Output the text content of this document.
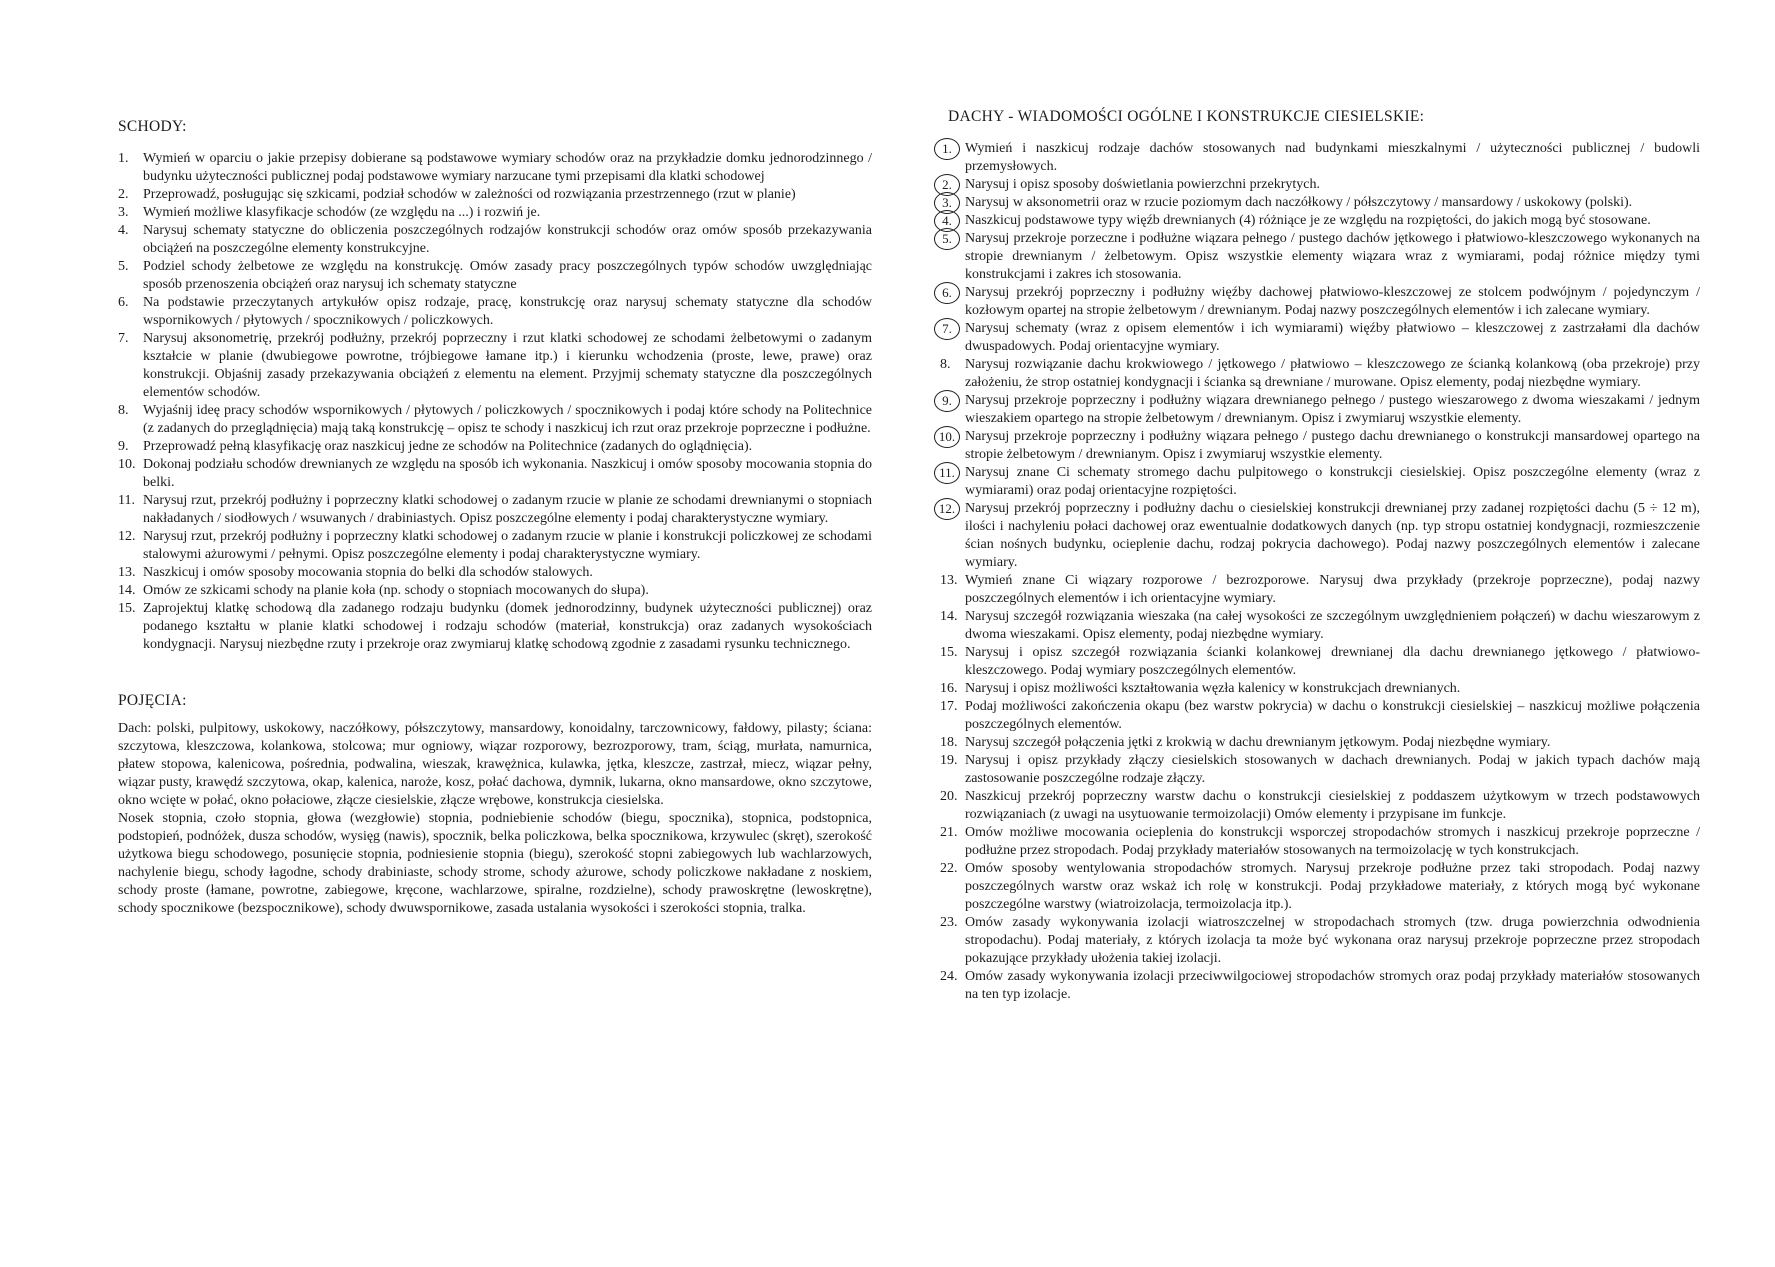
SCHODY:
1. Wymień w oparciu o jakie przepisy dobierane są podstawowe wymiary schodów oraz na przykładzie domku jednorodzinnego / budynku użyteczności publicznej podaj podstawowe wymiary narzucane tymi przepisami dla klatki schodowej
2. Przeprowadź, posługując się szkicami, podział schodów w zależności od rozwiązania przestrzennego (rzut w planie)
3. Wymień możliwe klasyfikacje schodów (ze względu na ...) i rozwiń je.
4. Narysuj schematy statyczne do obliczenia poszczególnych rodzajów konstrukcji schodów oraz omów sposób przekazywania obciążeń na poszczególne elementy konstrukcyjne.
5. Podziel schody żelbetowe ze względu na konstrukcję. Omów zasady pracy poszczególnych typów schodów uwzględniając sposób przenoszenia obciążeń oraz narysuj ich schematy statyczne
6. Na podstawie przeczytanych artykułów opisz rodzaje, pracę, konstrukcję oraz narysuj schematy statyczne dla schodów wspornikowych / płytowych / spocznikowych / policzkowych.
7. Narysuj aksonometrię, przekrój podłużny, przekrój poprzeczny i rzut klatki schodowej ze schodami żelbetowymi o zadanym kształcie w planie (dwubiegowe powrotne, trójbiegowe łamane itp.) i kierunku wchodzenia (proste, lewe, prawe) oraz konstrukcji. Objaśnij zasady przekazywania obciążeń z elementu na element. Przyjmij schematy statyczne dla poszczególnych elementów schodów.
8. Wyjaśnij ideę pracy schodów wspornikowych / płytowych / policzkowych / spocznikowych i podaj które schody na Politechnice (z zadanych do przeglądnięcia) mają taką konstrukcję – opisz te schody i naszkicuj ich rzut oraz przekroje poprzeczne i podłużne.
9. Przeprowadź pełną klasyfikację oraz naszkicuj jedne ze schodów na Politechnice (zadanych do oglądnięcia).
10. Dokonaj podziału schodów drewnianych ze względu na sposób ich wykonania. Naszkicuj i omów sposoby mocowania stopnia do belki.
11. Narysuj rzut, przekrój podłużny i poprzeczny klatki schodowej o zadanym rzucie w planie ze schodami drewnianymi o stopniach nakładanych / siodłowych / wsuwanych / drabiniastych. Opisz poszczególne elementy i podaj charakterystyczne wymiary.
12. Narysuj rzut, przekrój podłużny i poprzeczny klatki schodowej o zadanym rzucie w planie i konstrukcji policzkowej ze schodami stalowymi ażurowymi / pełnymi. Opisz poszczególne elementy i podaj charakterystyczne wymiary.
13. Naszkicuj i omów sposoby mocowania stopnia do belki dla schodów stalowych.
14. Omów ze szkicami schody na planie koła (np. schody o stopniach mocowanych do słupa).
15. Zaprojektuj klatkę schodową dla zadanego rodzaju budynku (domek jednorodzinny, budynek użyteczności publicznej) oraz podanego kształtu w planie klatki schodowej i rodzaju schodów (materiał, konstrukcja) oraz zadanych wysokościach kondygnacji. Narysuj niezbędne rzuty i przekroje oraz zwymiaruj klatkę schodową zgodnie z zasadami rysunku technicznego.
POJĘCIA:

Dach: polski, pulpitowy, uskokowy, naczółkowy, półszczytowy, mansardowy, konoidalny, tarczownicowy, fałdowy, pilasty; ściana: szczytowa, kleszczowa, kolankowa, stolcowa; mur ogniowy, wiązar rozporowy, bezrozporowy, tram, ściąg, murłata, namurnica, płatew stopowa, kalenicowa, pośrednia, podwalina, wieszak, krawężnica, kulawka, jętka, kleszcze, zastrzał, miecz, wiązar pełny, wiązar pusty, krawędź szczytowa, okap, kalenica, naroże, kosz, połać dachowa, dymnik, lukarna, okno mansardowe, okno szczytowe, okno wcięte w połać, okno połaciowe, złącze ciesielskie, złącze wrębowe, konstrukcja ciesielska.

Nosek stopnia, czoło stopnia, głowa (wezgłowie) stopnia, podniebienie schodów (biegu, spocznika), stopnica, podstopnica, podstopień, podnóżek, dusza schodów, wysięg (nawis), spocznik, belka policzkowa, belka spocznikowa, krzywulec (skręt), szerokość użytkowa biegu schodowego, posunięcie stopnia, podniesienie stopnia (biegu), szerokość stopni zabiegowych lub wachlarzowych, nachylenie biegu, schody łagodne, schody drabiniaste, schody strome, schody ażurowe, schody policzkowe nakładane z noskiem, schody proste (łamane, powrotne, zabiegowe, kręcone, wachlarzowe, spiralne, rozdzielne), schody prawoskrętne (lewoskrętne), schody spocznikowe (bezspocznikowe), schody dwuwspornikowe, zasada ustalania wysokości i szerokości stopnia, tralka.

DACHY - WIADOMOŚCI OGÓLNE I KONSTRUKCJE CIESIELSKIE:
1. Wymień i naszkicuj rodzaje dachów stosowanych nad budynkami mieszkalnymi / użyteczności publicznej / budowli przemysłowych.
2. Narysuj i opisz sposoby doświetlania powierzchni przekrytych.
3. Narysuj w aksonometrii oraz w rzucie poziomym dach naczółkowy / półszczytowy / mansardowy / uskokowy (polski).
4. Naszkicuj podstawowe typy więźb drewnianych (4) różniące je ze względu na rozpiętości, do jakich mogą być stosowane.
5. Narysuj przekroje porzeczne i podłużne wiązara pełnego / pustego dachów jętkowego i płatwiowo-kleszczowego wykonanych na stropie drewnianym / żelbetowym. Opisz wszystkie elementy wiązara wraz z wymiarami, podaj różnice między tymi konstrukcjami i zakres ich stosowania.
6. Narysuj przekrój poprzeczny i podłużny więźby dachowej płatwiowo-kleszczowej ze stolcem podwójnym / pojedynczym / kozłowym opartej na stropie żelbetowym / drewnianym. Podaj nazwy poszczególnych elementów i ich zalecane wymiary.
7. Narysuj schematy (wraz z opisem elementów i ich wymiarami) więźby płatwiowo – kleszczowej z zastrzałami dla dachów dwuspadowych. Podaj orientacyjne wymiary.
8. Narysuj rozwiązanie dachu krokwiowego / jętkowego / płatwiowo – kleszczowego ze ścianką kolankową (oba przekroje) przy założeniu, że strop ostatniej kondygnacji i ścianka są drewniane / murowane. Opisz elementy, podaj niezbędne wymiary.
9. Narysuj przekroje poprzeczny i podłużny wiązara drewnianego pełnego / pustego wieszarowego z dwoma wieszakami / jednym wieszakiem opartego na stropie żelbetowym / drewnianym. Opisz i zwymiaruj wszystkie elementy.
10. Narysuj przekroje poprzeczny i podłużny wiązara pełnego / pustego dachu drewnianego o konstrukcji mansardowej opartego na stropie żelbetowym / drewnianym. Opisz i zwymiaruj wszystkie elementy.
11. Narysuj znane Ci schematy stromego dachu pulpitowego o konstrukcji ciesielskiej. Opisz poszczególne elementy (wraz z wymiarami) oraz podaj orientacyjne rozpiętości.
12. Narysuj przekrój poprzeczny i podłużny dachu o ciesielskiej konstrukcji drewnianej przy zadanej rozpiętości dachu (5 ÷ 12 m), ilości i nachyleniu połaci dachowej oraz ewentualnie dodatkowych danych (np. typ stropu ostatniej kondygnacji, rozmieszczenie ścian nośnych budynku, ocieplenie dachu, rodzaj pokrycia dachowego). Podaj nazwy poszczególnych elementów i zalecane wymiary.
13. Wymień znane Ci wiązary rozporowe / bezrozporowe. Narysuj dwa przykłady (przekroje poprzeczne), podaj nazwy poszczególnych elementów i ich orientacyjne wymiary.
14. Narysuj szczegół rozwiązania wieszaka (na całej wysokości ze szczególnym uwzględnieniem połączeń) w dachu wieszarowym z dwoma wieszakami. Opisz elementy, podaj niezbędne wymiary.
15. Narysuj i opisz szczegół rozwiązania ścianki kolankowej drewnianej dla dachu drewnianego jętkowego / płatwiowo-kleszczowego. Podaj wymiary poszczególnych elementów.
16. Narysuj i opisz możliwości kształtowania węzła kalenicy w konstrukcjach drewnianych.
17. Podaj możliwości zakończenia okapu (bez warstw pokrycia) w dachu o konstrukcji ciesielskiej – naszkicuj możliwe połączenia poszczególnych elementów.
18. Narysuj szczegół połączenia jętki z krokwią w dachu drewnianym jętkowym. Podaj niezbędne wymiary.
19. Narysuj i opisz przykłady złączy ciesielskich stosowanych w dachach drewnianych. Podaj w jakich typach dachów mają zastosowanie poszczególne rodzaje złączy.
20. Naszkicuj przekrój poprzeczny warstw dachu o konstrukcji ciesielskiej z poddaszem użytkowym w trzech podstawowych rozwiązaniach (z uwagi na usytuowanie termoizolacji) Omów elementy i przypisane im funkcje.
21. Omów możliwe mocowania ocieplenia do konstrukcji wsporczej stropodachów stromych i naszkicuj przekroje poprzeczne / podłużne przez stropodach. Podaj przykłady materiałów stosowanych na termoizolację w tych konstrukcjach.
22. Omów sposoby wentylowania stropodachów stromych. Narysuj przekroje podłużne przez taki stropodach. Podaj nazwy poszczególnych warstw oraz wskaż ich rolę w konstrukcji. Podaj przykładowe materiały, z których mogą być wykonane poszczególne warstwy (wiatroizolacja, termoizolacja itp.).
23. Omów zasady wykonywania izolacji wiatroszczelnej w stropodachach stromych (tzw. druga powierzchnia odwodnienia stropodachu). Podaj materiały, z których izolacja ta może być wykonana oraz narysuj przekroje poprzeczne przez stropodach pokazujące przykłady ułożenia takiej izolacji.
24. Omów zasady wykonywania izolacji przeciwwilgociowej stropodachów stromych oraz podaj przykłady materiałów stosowanych na ten typ izolacje.
